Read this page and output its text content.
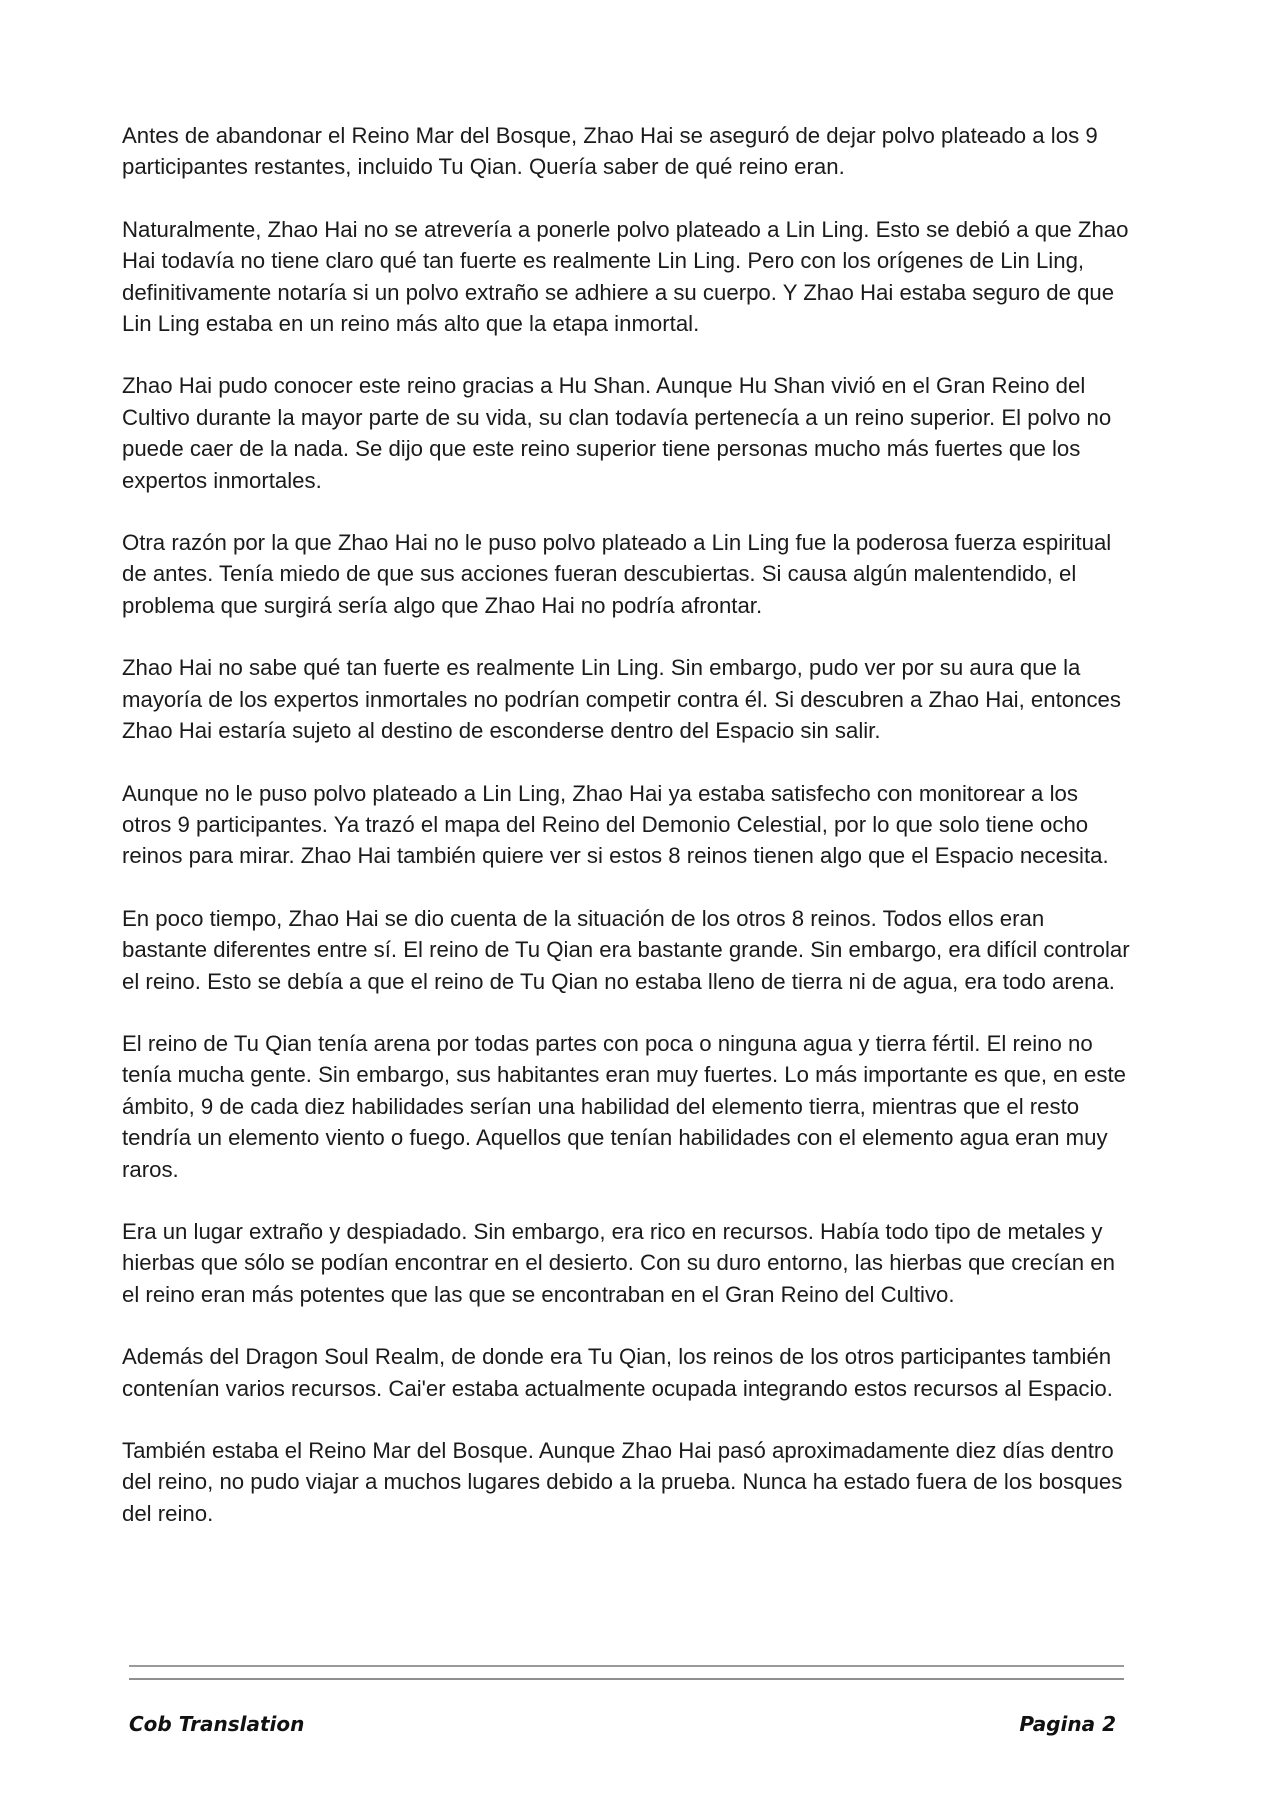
Antes de abandonar el Reino Mar del Bosque, Zhao Hai se aseguró de dejar polvo plateado a los 9 participantes restantes, incluido Tu Qian. Quería saber de qué reino eran.

Naturalmente, Zhao Hai no se atrevería a ponerle polvo plateado a Lin Ling. Esto se debió a que Zhao Hai todavía no tiene claro qué tan fuerte es realmente Lin Ling. Pero con los orígenes de Lin Ling, definitivamente notaría si un polvo extraño se adhiere a su cuerpo. Y Zhao Hai estaba seguro de que Lin Ling estaba en un reino más alto que la etapa inmortal.

Zhao Hai pudo conocer este reino gracias a Hu Shan. Aunque Hu Shan vivió en el Gran Reino del Cultivo durante la mayor parte de su vida, su clan todavía pertenecía a un reino superior. El polvo no puede caer de la nada. Se dijo que este reino superior tiene personas mucho más fuertes que los expertos inmortales.

Otra razón por la que Zhao Hai no le puso polvo plateado a Lin Ling fue la poderosa fuerza espiritual de antes. Tenía miedo de que sus acciones fueran descubiertas. Si causa algún malentendido, el problema que surgirá sería algo que Zhao Hai no podría afrontar.

Zhao Hai no sabe qué tan fuerte es realmente Lin Ling. Sin embargo, pudo ver por su aura que la mayoría de los expertos inmortales no podrían competir contra él. Si descubren a Zhao Hai, entonces Zhao Hai estaría sujeto al destino de esconderse dentro del Espacio sin salir.

Aunque no le puso polvo plateado a Lin Ling, Zhao Hai ya estaba satisfecho con monitorear a los otros 9 participantes. Ya trazó el mapa del Reino del Demonio Celestial, por lo que solo tiene ocho reinos para mirar. Zhao Hai también quiere ver si estos 8 reinos tienen algo que el Espacio necesita.

En poco tiempo, Zhao Hai se dio cuenta de la situación de los otros 8 reinos. Todos ellos eran bastante diferentes entre sí. El reino de Tu Qian era bastante grande. Sin embargo, era difícil controlar el reino. Esto se debía a que el reino de Tu Qian no estaba lleno de tierra ni de agua, era todo arena.

El reino de Tu Qian tenía arena por todas partes con poca o ninguna agua y tierra fértil. El reino no tenía mucha gente. Sin embargo, sus habitantes eran muy fuertes. Lo más importante es que, en este ámbito, 9 de cada diez habilidades serían una habilidad del elemento tierra, mientras que el resto tendría un elemento viento o fuego. Aquellos que tenían habilidades con el elemento agua eran muy raros.

Era un lugar extraño y despiadado. Sin embargo, era rico en recursos. Había todo tipo de metales y hierbas que sólo se podían encontrar en el desierto. Con su duro entorno, las hierbas que crecían en el reino eran más potentes que las que se encontraban en el Gran Reino del Cultivo.

Además del Dragon Soul Realm, de donde era Tu Qian, los reinos de los otros participantes también contenían varios recursos. Cai'er estaba actualmente ocupada integrando estos recursos al Espacio.

También estaba el Reino Mar del Bosque. Aunque Zhao Hai pasó aproximadamente diez días dentro del reino, no pudo viajar a muchos lugares debido a la prueba. Nunca ha estado fuera de los bosques del reino.

Cob Translation	Pagina 2
